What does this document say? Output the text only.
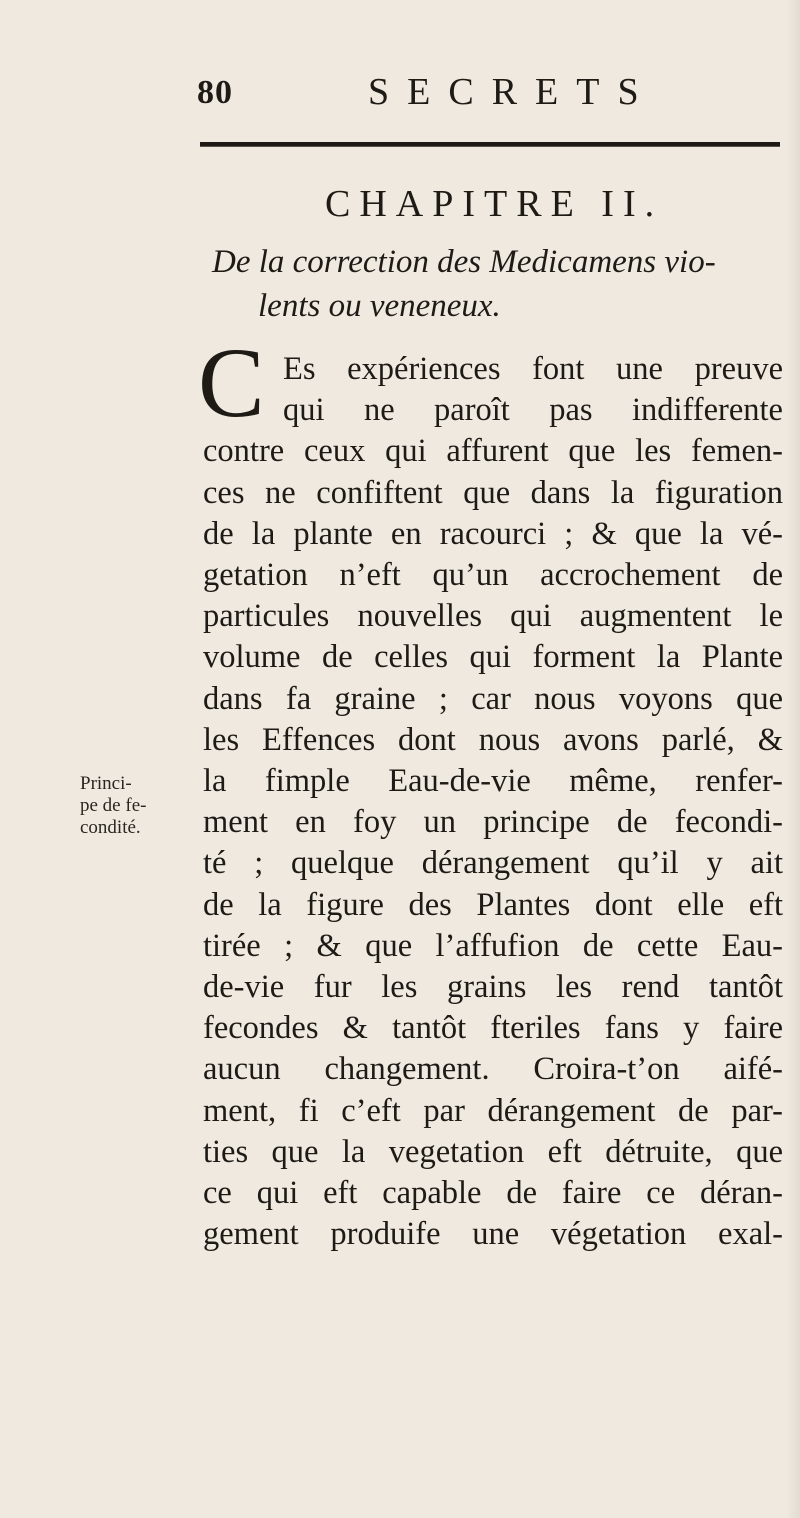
80	SECRETS
CHAPITRE II.
De la correction des Medicamens vio-
lents ou veneneux.
C Es expériences font une preuve
qui ne paroît pas indifferente
contre ceux qui affurent que les femen-
ces ne confiftent que dans la figuration
de la plante en racourci ; & que la vé-
getation n’eft qu’un accrochement de
particules nouvelles qui augmentent le
volume de celles qui forment la Plante
dans fa graine ; car nous voyons que
les Effences dont nous avons parlé, &
la fimple Eau-de-vie même, renfer-
ment en foy un principe de fecondi-
té ; quelque dérangement qu’il y ait
de la figure des Plantes dont elle eft
tirée ; & que l’affufion de cette Eau-
de-vie fur les grains les rend tantôt
fecondes & tantôt fteriles fans y faire
aucun changement. Croira-t’on aifé-
ment, fi c’eft par dérangement de par-
ties que la vegetation eft détruite, que
ce qui eft capable de faire ce déran-
gement produife une végetation exal-
Princi-
pe de fe-
condité.
